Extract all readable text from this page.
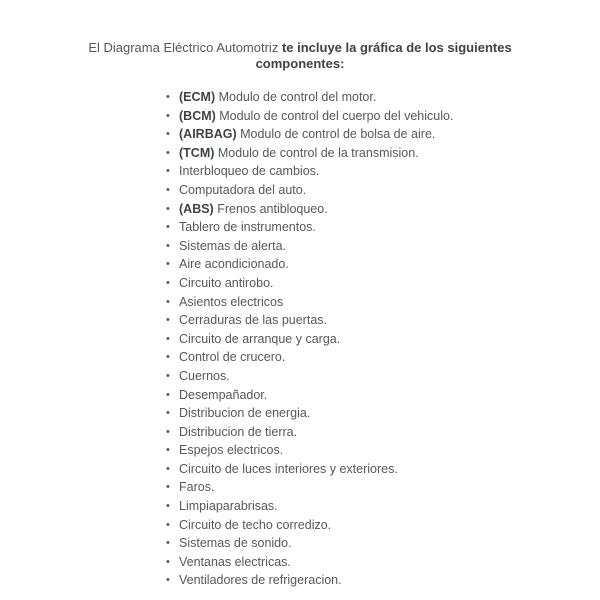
El Diagrama Eléctrico Automotriz te incluye la gráfica de los siguientes componentes:
• (ECM) Modulo de control del motor.
• (BCM) Modulo de control del cuerpo del vehiculo.
• (AIRBAG) Modulo de control de bolsa de aire.
• (TCM) Modulo de control de la transmision.
• Interbloqueo de cambios.
• Computadora del auto.
• (ABS) Frenos antibloqueo.
• Tablero de instrumentos.
• Sistemas de alerta.
• Aire acondicionado.
• Circuito antirobo.
• Asientos electricos
• Cerraduras de las puertas.
• Circuito de arranque y carga.
• Control de crucero.
• Cuernos.
• Desempañador.
• Distribucion de energia.
• Distribucion de tierra.
• Espejos electricos.
• Circuito de luces interiores y exteriores.
• Faros.
• Limpiaparabrisas.
• Circuito de techo corredizo.
• Sistemas de sonido.
• Ventanas electricas.
• Ventiladores de refrigeracion.
